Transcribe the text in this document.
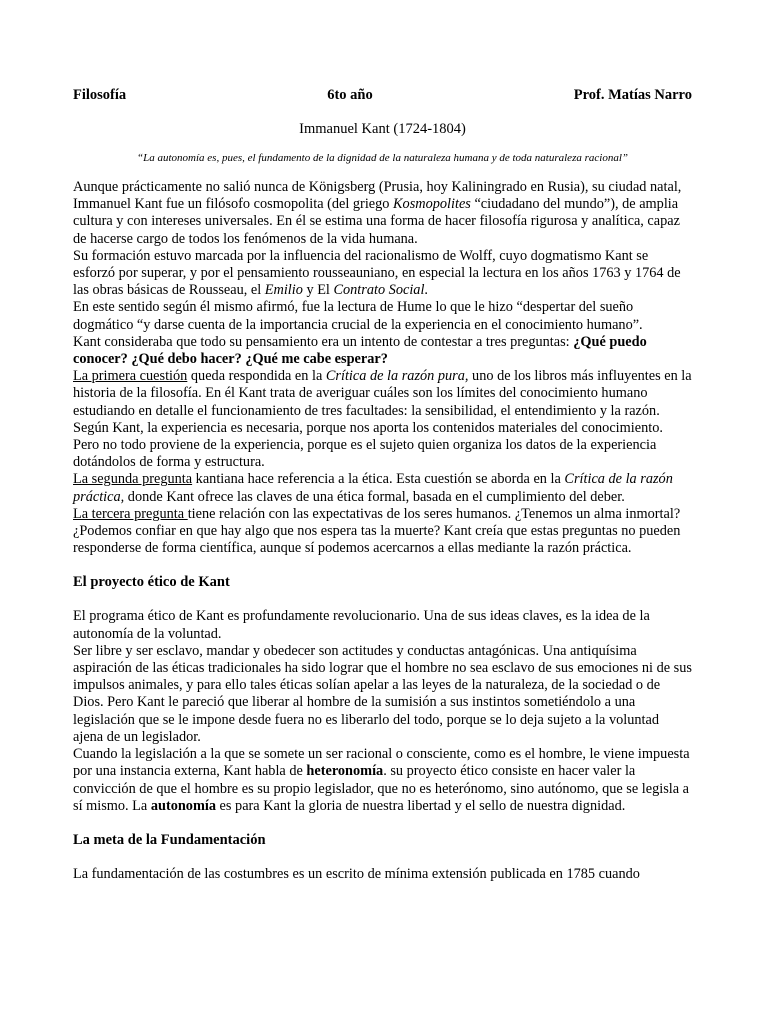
Filosofía	6to año	Prof. Matías Narro
Immanuel Kant (1724-1804)
“La autonomía es, pues, el fundamento de la dignidad de la naturaleza humana y de toda naturaleza racional”

Aunque prácticamente no salió nunca de Königsberg (Prusia, hoy Kaliningrado en Rusia), su ciudad natal, Immanuel Kant fue un filósofo cosmopolita (del griego Kosmopolites “ciudadano del mundo”), de amplia cultura y con intereses universales. En él se estima una forma de hacer filosofía rigurosa y analítica, capaz de hacerse cargo de todos los fenómenos de la vida humana.

Su formación estuvo marcada por la influencia del racionalismo de Wolff, cuyo dogmatismo Kant se esforzó por superar, y por el pensamiento rousseauniano, en especial la lectura en los años 1763 y 1764 de las obras básicas de Rousseau, el Emilio y El Contrato Social.

En este sentido según él mismo afirmó, fue la lectura de Hume lo que le hizo “despertar del sueño dogmático “y darse cuenta de la importancia crucial de la experiencia en el conocimiento humano”.

Kant consideraba que todo su pensamiento era un intento de contestar a tres preguntas: ¿Qué puedo conocer? ¿Qué debo hacer? ¿Qué me cabe esperar?

La primera cuestión queda respondida en la Crítica de la razón pura, uno de los libros más influyentes en la historia de la filosofía. En él Kant trata de averiguar cuáles son los límites del conocimiento humano estudiando en detalle el funcionamiento de tres facultades: la sensibilidad, el entendimiento y la razón. Según Kant, la experiencia es necesaria, porque nos aporta los contenidos materiales del conocimiento. Pero no todo proviene de la experiencia, porque es el sujeto quien organiza los datos de la experiencia dotándolos de forma y estructura.

La segunda pregunta kantiana hace referencia a la ética. Esta cuestión se aborda en la Crítica de la razón práctica, donde Kant ofrece las claves de una ética formal, basada en el cumplimiento del deber.

La tercera pregunta tiene relación con las expectativas de los seres humanos. ¿Tenemos un alma inmortal? ¿Podemos confiar en que hay algo que nos espera tas la muerte? Kant creía que estas preguntas no pueden responderse de forma científica, aunque sí podemos acercarnos a ellas mediante la razón práctica.

El proyecto ético de Kant

El programa ético de Kant es profundamente revolucionario. Una de sus ideas claves, es la idea de la autonomía de la voluntad.

Ser libre y ser esclavo, mandar y obedecer son actitudes y conductas antagónicas. Una antiquísima aspiración de las éticas tradicionales ha sido lograr que el hombre no sea esclavo de sus emociones ni de sus impulsos animales, y para ello tales éticas solían apelar a las leyes de la naturaleza, de la sociedad o de Dios. Pero Kant le pareció que liberar al hombre de la sumisión a sus instintos sometiéndolo a una legislación que se le impone desde fuera no es liberarlo del todo, porque se lo deja sujeto a la voluntad ajena de un legislador.

Cuando la legislación a la que se somete un ser racional o consciente, como es el hombre, le viene impuesta por una instancia externa, Kant habla de heteronomía. su proyecto ético consiste en hacer valer la convicción de que el hombre es su propio legislador, que no es heterónomo, sino autónomo, que se legisla a sí mismo. La autonomía es para Kant la gloria de nuestra libertad y el sello de nuestra dignidad.

La meta de la Fundamentación

La fundamentación de las costumbres es un escrito de mínima extensión publicada en 1785 cuando
